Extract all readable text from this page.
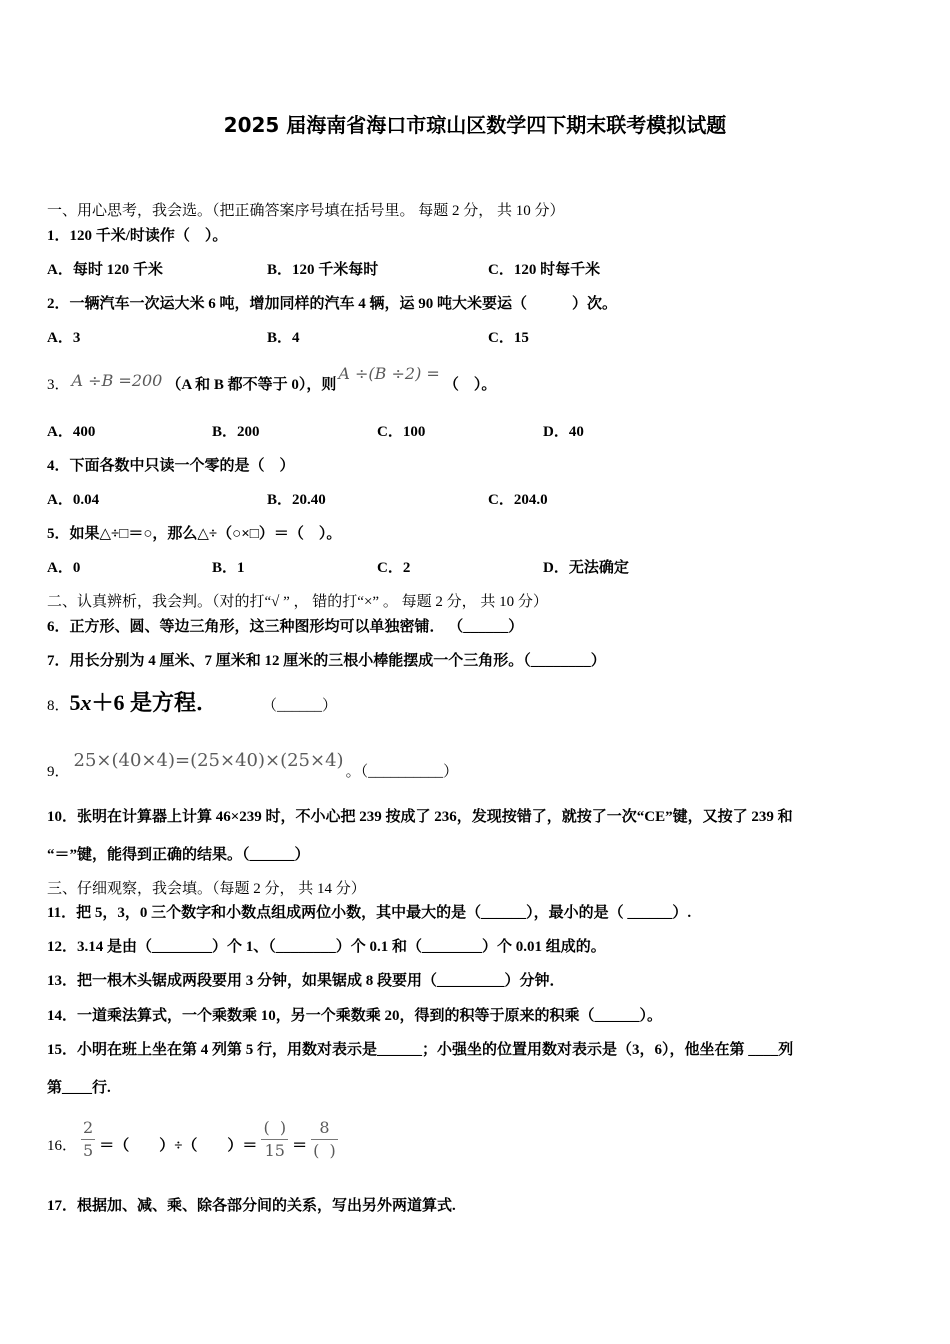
2025 届海南省海口市琼山区数学四下期末联考模拟试题
一、用心思考，我会选。（把正确答案序号填在括号里。 每题 2 分， 共 10 分）
1．120 千米/时读作（　）。
A．每时 120 千米	B．120 千米每时	C．120 时每千米
2．一辆汽车一次运大米 6 吨，增加同样的汽车 4 辆，运 90 吨大米要运（　　　）次。
A．3	B．4	C．15
3． A ÷B =200 （A 和 B 都不等于 0），则
A ÷(B ÷2) =
（　）。
A．400	B．200	C．100	D．40
4．下面各数中只读一个零的是（　）
A．0.04	B．20.40	C．204.0
5．如果△÷□＝○，那么△÷（○×□）＝（　）。
A．0	B．1	C．2	D．无法确定
二、认真辨析，我会判。（对的打“√ ” ， 错的打“×” 。 每题 2 分， 共 10 分）
6．正方形、圆、等边三角形，这三种图形均可以单独密铺． （______）
7．用长分别为 4 厘米、7 厘米和 12 厘米的三根小棒能摆成一个三角形。（________）
8． 5 x ＋6 是方程．	（______）
9．
25×(40×4)=(25×40)×(25×4)
。（__________）
10．张明在计算器上计算 46×239 时，不小心把 239 按成了 236，发现按错了，就按了一次“CE”键，又按了 239 和
“＝”键，能得到正确的结果。（______）
三、仔细观察，我会填。（每题 2 分， 共 14 分）
11．把 5，3，0 三个数字和小数点组成两位小数，其中最大的是（______），最小的是（ ______）.
12．3.14 是由（________）个 1、（________）个 0.1 和（________）个 0.01 组成的。
13．把一根木头锯成两段要用 3 分钟，如果锯成 8 段要用（_________）分钟．
14．一道乘法算式，一个乘数乘 10，另一个乘数乘 20，得到的积等于原来的积乘（______）。
15．小明在班上坐在第 4 列第 5 行，用数对表示是______；小强坐的位置用数对表示是（3，6），他坐在第 ____列
第____行.
16． $\frac{2}{5}$ ＝（　　）÷（　　）＝ $\frac{( )}{15} = \frac{8}{( )}$
17．根据加、减、乘、除各部分间的关系，写出另外两道算式.
